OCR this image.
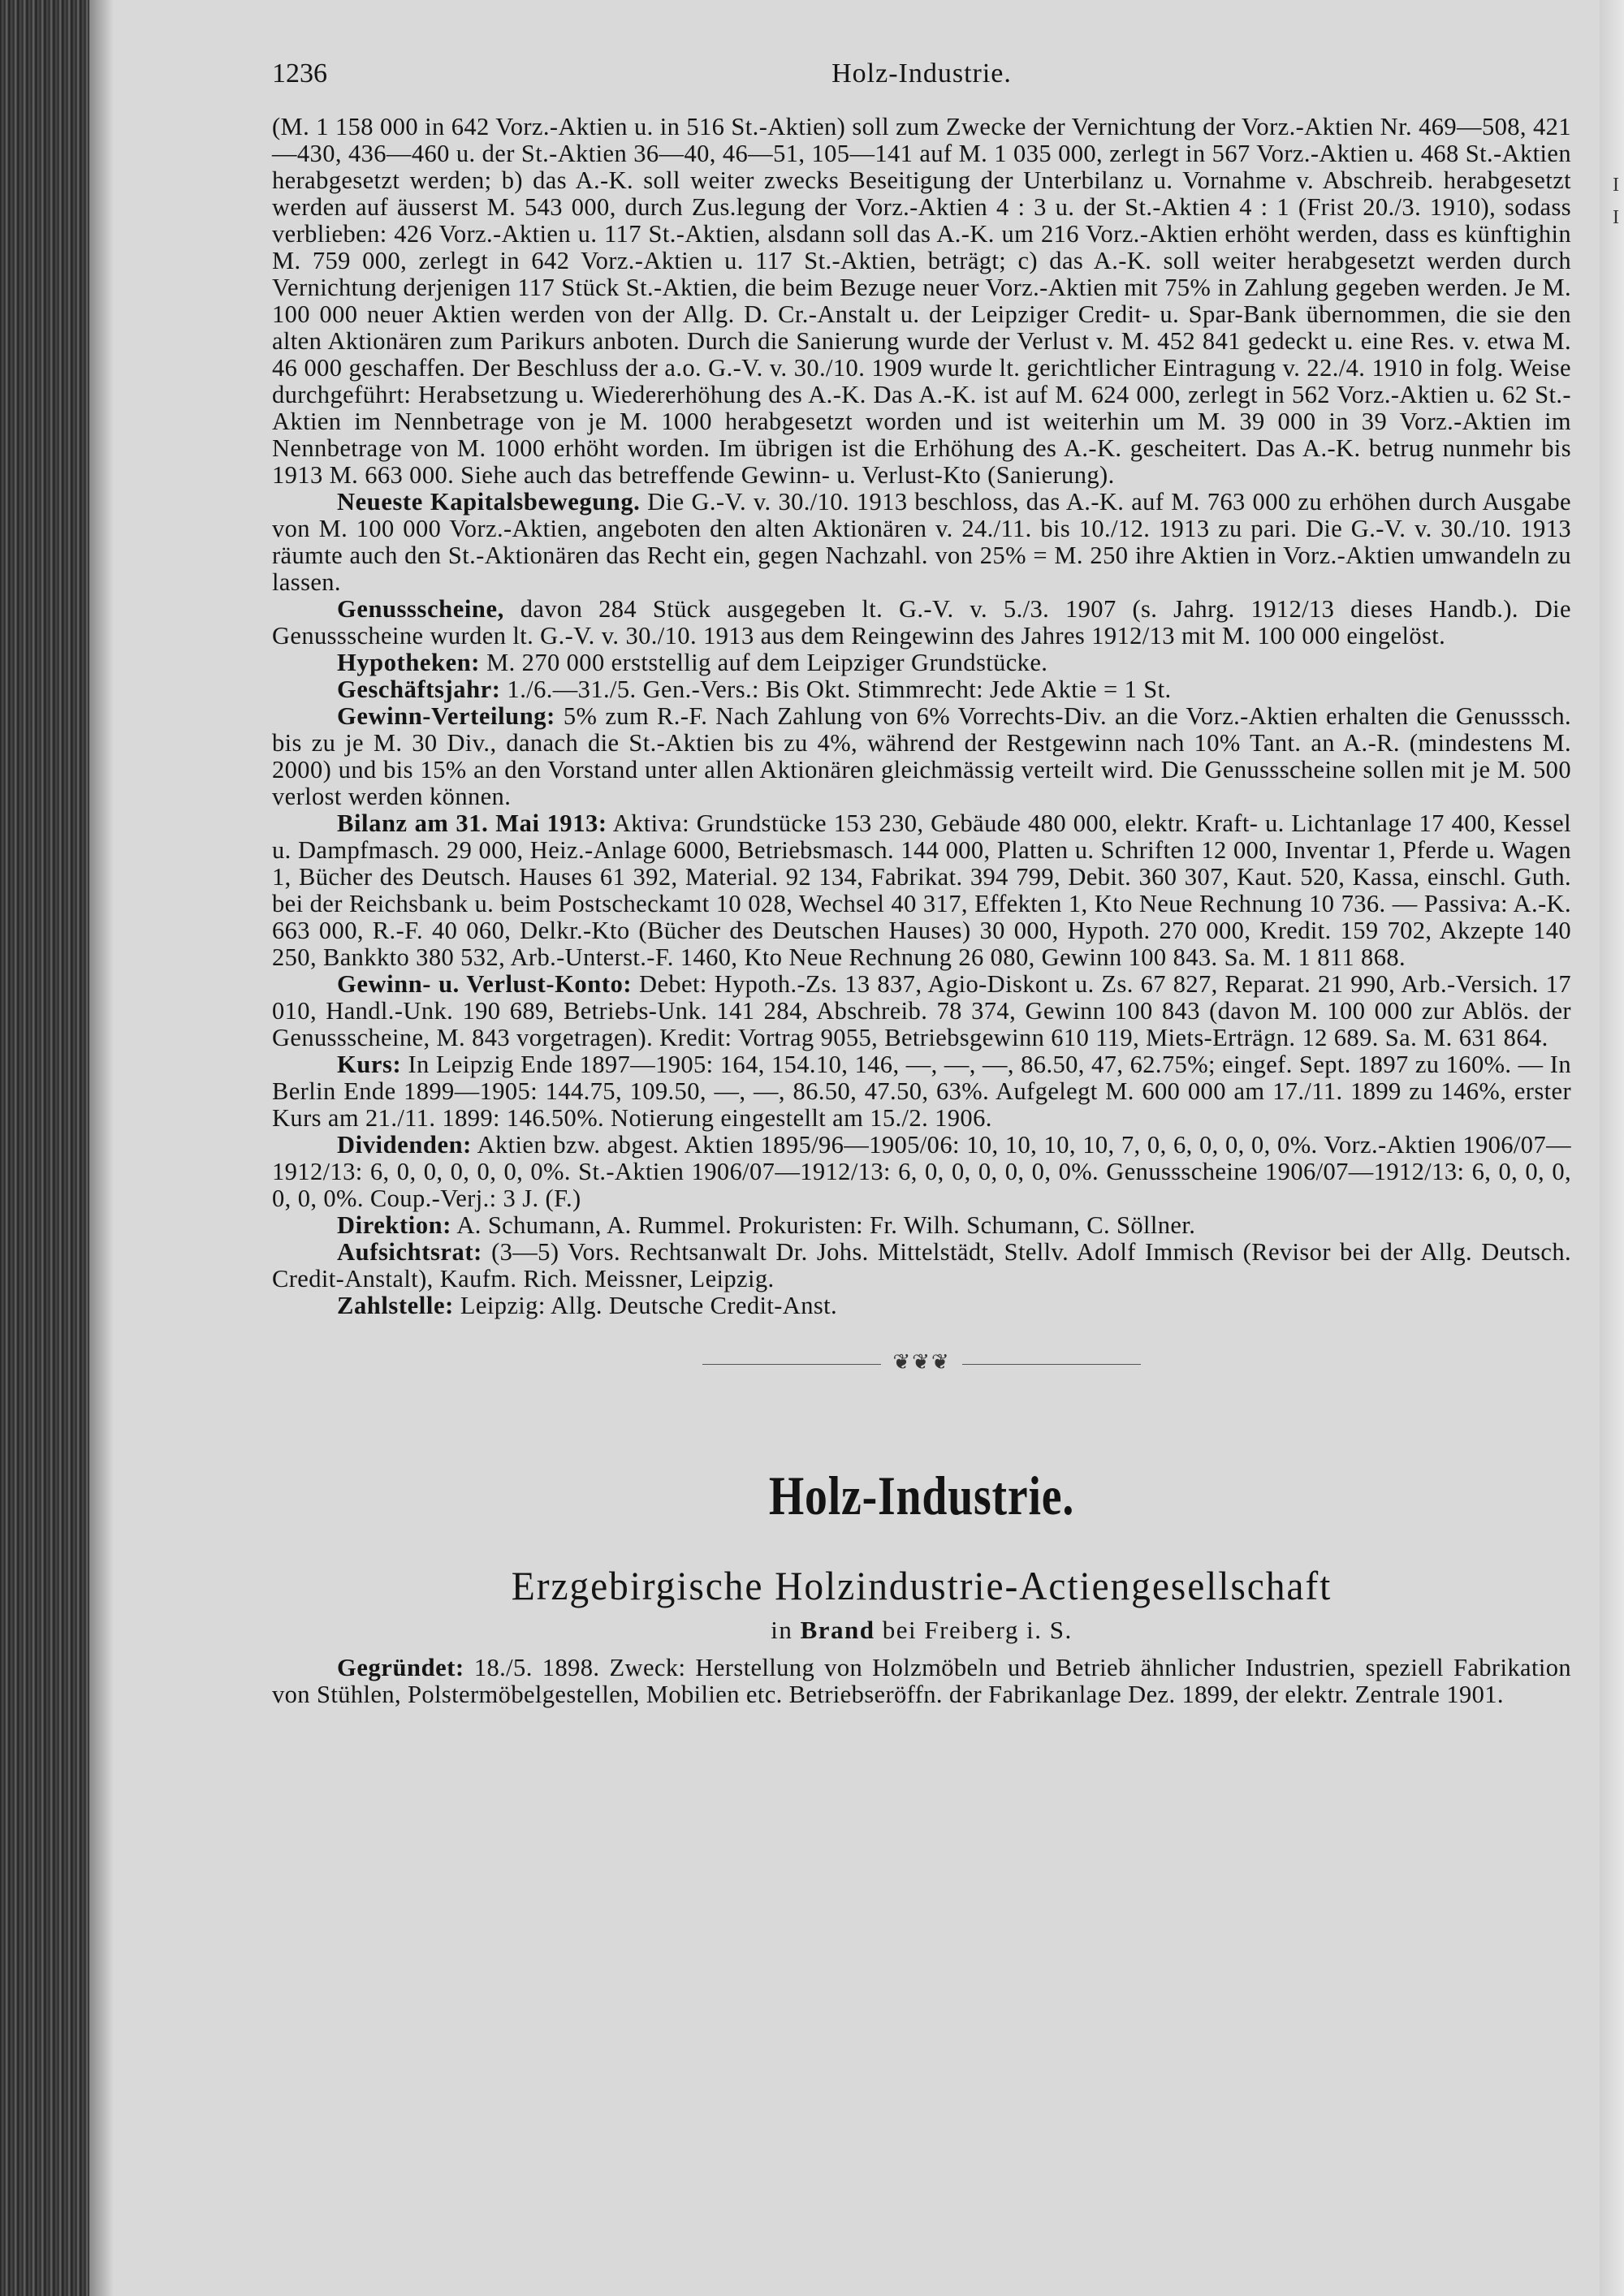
I
I
1236	Holz-Industrie.

(M. 1 158 000 in 642 Vorz.-Aktien u. in 516 St.-Aktien) soll zum Zwecke der Vernichtung der Vorz.-Aktien Nr. 469—508, 421—430, 436—460 u. der St.-Aktien 36—40, 46—51, 105—141 auf M. 1 035 000, zerlegt in 567 Vorz.-Aktien u. 468 St.-Aktien herabgesetzt werden; b) das A.-K. soll weiter zwecks Beseitigung der Unterbilanz u. Vornahme v. Abschreib. herabgesetzt werden auf äusserst M. 543 000, durch Zus.legung der Vorz.-Aktien 4 : 3 u. der St.-Aktien 4 : 1 (Frist 20./3. 1910), sodass verblieben: 426 Vorz.-Aktien u. 117 St.-Aktien, alsdann soll das A.-K. um 216 Vorz.-Aktien erhöht werden, dass es künftighin M. 759 000, zerlegt in 642 Vorz.-Aktien u. 117 St.-Aktien, beträgt; c) das A.-K. soll weiter herabgesetzt werden durch Vernichtung derjenigen 117 Stück St.-Aktien, die beim Bezuge neuer Vorz.-Aktien mit 75% in Zahlung gegeben werden. Je M. 100 000 neuer Aktien werden von der Allg. D. Cr.-Anstalt u. der Leipziger Credit- u. Spar-Bank übernommen, die sie den alten Aktionären zum Parikurs anboten. Durch die Sanierung wurde der Verlust v. M. 452 841 gedeckt u. eine Res. v. etwa M. 46 000 geschaffen. Der Beschluss der a.o. G.-V. v. 30./10. 1909 wurde lt. gerichtlicher Eintragung v. 22./4. 1910 in folg. Weise durchgeführt: Herabsetzung u. Wiedererhöhung des A.-K. Das A.-K. ist auf M. 624 000, zerlegt in 562 Vorz.-Aktien u. 62 St.-Aktien im Nennbetrage von je M. 1000 herabgesetzt worden und ist weiterhin um M. 39 000 in 39 Vorz.-Aktien im Nennbetrage von M. 1000 erhöht worden. Im übrigen ist die Erhöhung des A.-K. gescheitert. Das A.-K. betrug nunmehr bis 1913 M. 663 000. Siehe auch das betreffende Gewinn- u. Verlust-Kto (Sanierung).

Neueste Kapitalsbewegung. Die G.-V. v. 30./10. 1913 beschloss, das A.-K. auf M. 763 000 zu erhöhen durch Ausgabe von M. 100 000 Vorz.-Aktien, angeboten den alten Aktionären v. 24./11. bis 10./12. 1913 zu pari. Die G.-V. v. 30./10. 1913 räumte auch den St.-Aktionären das Recht ein, gegen Nachzahl. von 25% = M. 250 ihre Aktien in Vorz.-Aktien umwandeln zu lassen.

Genussscheine, davon 284 Stück ausgegeben lt. G.-V. v. 5./3. 1907 (s. Jahrg. 1912/13 dieses Handb.). Die Genussscheine wurden lt. G.-V. v. 30./10. 1913 aus dem Reingewinn des Jahres 1912/13 mit M. 100 000 eingelöst.

Hypotheken: M. 270 000 erststellig auf dem Leipziger Grundstücke.

Geschäftsjahr: 1./6.—31./5. Gen.-Vers.: Bis Okt. Stimmrecht: Jede Aktie = 1 St.

Gewinn-Verteilung: 5% zum R.-F. Nach Zahlung von 6% Vorrechts-Div. an die Vorz.-Aktien erhalten die Genusssch. bis zu je M. 30 Div., danach die St.-Aktien bis zu 4%, während der Restgewinn nach 10% Tant. an A.-R. (mindestens M. 2000) und bis 15% an den Vorstand unter allen Aktionären gleichmässig verteilt wird. Die Genussscheine sollen mit je M. 500 verlost werden können.

Bilanz am 31. Mai 1913: Aktiva: Grundstücke 153 230, Gebäude 480 000, elektr. Kraft- u. Lichtanlage 17 400, Kessel u. Dampfmasch. 29 000, Heiz.-Anlage 6000, Betriebsmasch. 144 000, Platten u. Schriften 12 000, Inventar 1, Pferde u. Wagen 1, Bücher des Deutsch. Hauses 61 392, Material. 92 134, Fabrikat. 394 799, Debit. 360 307, Kaut. 520, Kassa, einschl. Guth. bei der Reichsbank u. beim Postscheckamt 10 028, Wechsel 40 317, Effekten 1, Kto Neue Rechnung 10 736. — Passiva: A.-K. 663 000, R.-F. 40 060, Delkr.-Kto (Bücher des Deutschen Hauses) 30 000, Hypoth. 270 000, Kredit. 159 702, Akzepte 140 250, Bankkto 380 532, Arb.-Unterst.-F. 1460, Kto Neue Rechnung 26 080, Gewinn 100 843. Sa. M. 1 811 868.

Gewinn- u. Verlust-Konto: Debet: Hypoth.-Zs. 13 837, Agio-Diskont u. Zs. 67 827, Reparat. 21 990, Arb.-Versich. 17 010, Handl.-Unk. 190 689, Betriebs-Unk. 141 284, Abschreib. 78 374, Gewinn 100 843 (davon M. 100 000 zur Ablös. der Genussscheine, M. 843 vorgetragen). Kredit: Vortrag 9055, Betriebsgewinn 610 119, Miets-Erträgn. 12 689. Sa. M. 631 864.

Kurs: In Leipzig Ende 1897—1905: 164, 154.10, 146, —, —, —, 86.50, 47, 62.75%; eingef. Sept. 1897 zu 160%. — In Berlin Ende 1899—1905: 144.75, 109.50, —, —, 86.50, 47.50, 63%. Aufgelegt M. 600 000 am 17./11. 1899 zu 146%, erster Kurs am 21./11. 1899: 146.50%. Notierung eingestellt am 15./2. 1906.

Dividenden: Aktien bzw. abgest. Aktien 1895/96—1905/06: 10, 10, 10, 10, 7, 0, 6, 0, 0, 0, 0%. Vorz.-Aktien 1906/07—1912/13: 6, 0, 0, 0, 0, 0, 0%. St.-Aktien 1906/07—1912/13: 6, 0, 0, 0, 0, 0, 0%. Genussscheine 1906/07—1912/13: 6, 0, 0, 0, 0, 0, 0%. Coup.-Verj.: 3 J. (F.)

Direktion: A. Schumann, A. Rummel. Prokuristen: Fr. Wilh. Schumann, C. Söllner.

Aufsichtsrat: (3—5) Vors. Rechtsanwalt Dr. Johs. Mittelstädt, Stellv. Adolf Immisch (Revisor bei der Allg. Deutsch. Credit-Anstalt), Kaufm. Rich. Meissner, Leipzig.

Zahlstelle: Leipzig: Allg. Deutsche Credit-Anst.

❦❦❦
Holz-Industrie.
Erzgebirgische Holzindustrie-Actiengesellschaft
in Brand bei Freiberg i. S.

Gegründet: 18./5. 1898. Zweck: Herstellung von Holzmöbeln und Betrieb ähnlicher Industrien, speziell Fabrikation von Stühlen, Polstermöbelgestellen, Mobilien etc. Betriebseröffn. der Fabrikanlage Dez. 1899, der elektr. Zentrale 1901.
